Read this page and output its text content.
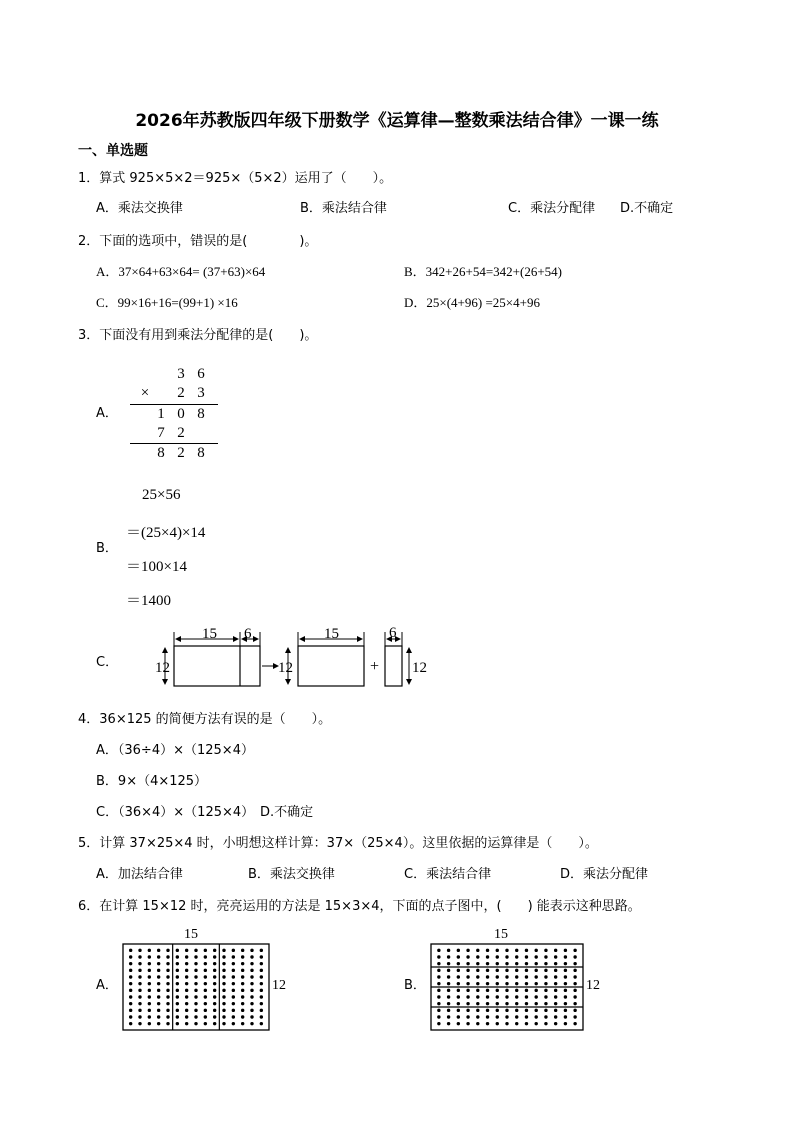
2026年苏教版四年级下册数学《运算律—整数乘法结合律》一课一练
一、单选题
1．算式 925×5×2＝925×（5×2）运用了（　　）。
A．乘法交换律	B．乘法结合律	C．乘法分配律 D.不确定
2．下面的选项中，错误的是(　　　　)。
A．37×64+63×64= (37+63)×64	B．342+26+54=342+(26+54)
C．99×16+16=(99+1) ×16	D．25×(4+96) =25×4+96
3．下面没有用到乘法分配律的是(　　)。
A．
3 6
×	2 3
1 0 8
7 2
8 2 8
B．
25×56
＝(25×4)×14
＝100×14
＝1400
C．
15 6
12	12
15
+
6
12
4．36×125 的简便方法有误的是（　　）。
A．（36÷4）×（125×4）
B．9×（4×125）
C．（36×4）×（125×4） D.不确定
5．计算 37×25×4 时，小明想这样计算：37×（25×4）。这里依据的运算律是（　　）。
A．加法结合律	B．乘法交换律	C．乘法结合律	D．乘法分配律
6．在计算 15×12 时，亮亮运用的方法是 15×3×4，下面的点子图中，(　　) 能表示这种思路。
A．
15
12	B．
15
12
